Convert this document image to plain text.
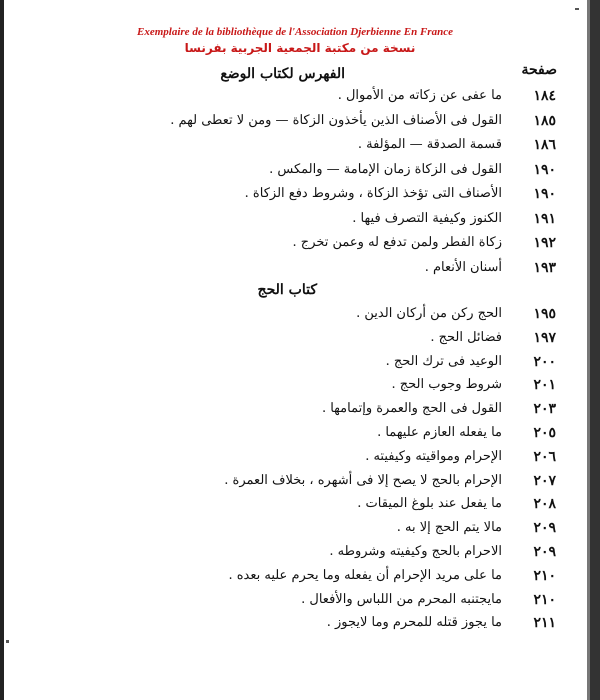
Exemplaire de la bibliothèque de l'Association Djerbienne En France
نسخة من مكتبة الجمعية الجربية بفرنسا
صفحة
الفهرس لكتاب الوضع
كتاب الحج
١٨٤
ما عفى عن زكاته من الأموال .
١٨٥
القول فى الأصناف الذين يأخذون الزكاة — ومن لا تعطى لهم .
١٨٦
قسمة الصدقة — المؤلفة .
١٩٠
القول فى الزكاة زمان الإمامة — والمكس .
١٩٠
الأصناف التى تؤخذ الزكاة ، وشروط دفع الزكاة .
١٩١
الكنوز وكيفية التصرف فيها .
١٩٢
زكاة الفطر ولمن تدفع له وعمن تخرج .
١٩٣
أسنان الأنعام .
١٩٥
الحج ركن من أركان الدين .
١٩٧
فضائل الحج .
٢٠٠
الوعيد فى ترك الحج .
٢٠١
شروط وجوب الحج .
٢٠٣
القول فى الحج والعمرة وإتمامها .
٢٠٥
ما يفعله العازم عليهما .
٢٠٦
الإحرام ومواقيته وكيفيته .
٢٠٧
الإحرام بالحج لا يصح إلا فى أشهره ، بخلاف العمرة .
٢٠٨
ما يفعل عند بلوغ الميقات .
٢٠٩
مالا يتم الحج إلا به .
٢٠٩
الاحرام بالحج وكيفيته وشروطه .
٢١٠
ما على مريد الإحرام أن يفعله وما يحرم عليه بعده .
٢١٠
مايجتنبه المحرم من اللباس والأفعال .
٢١١
ما يجوز قتله للمحرم وما لايجوز .
